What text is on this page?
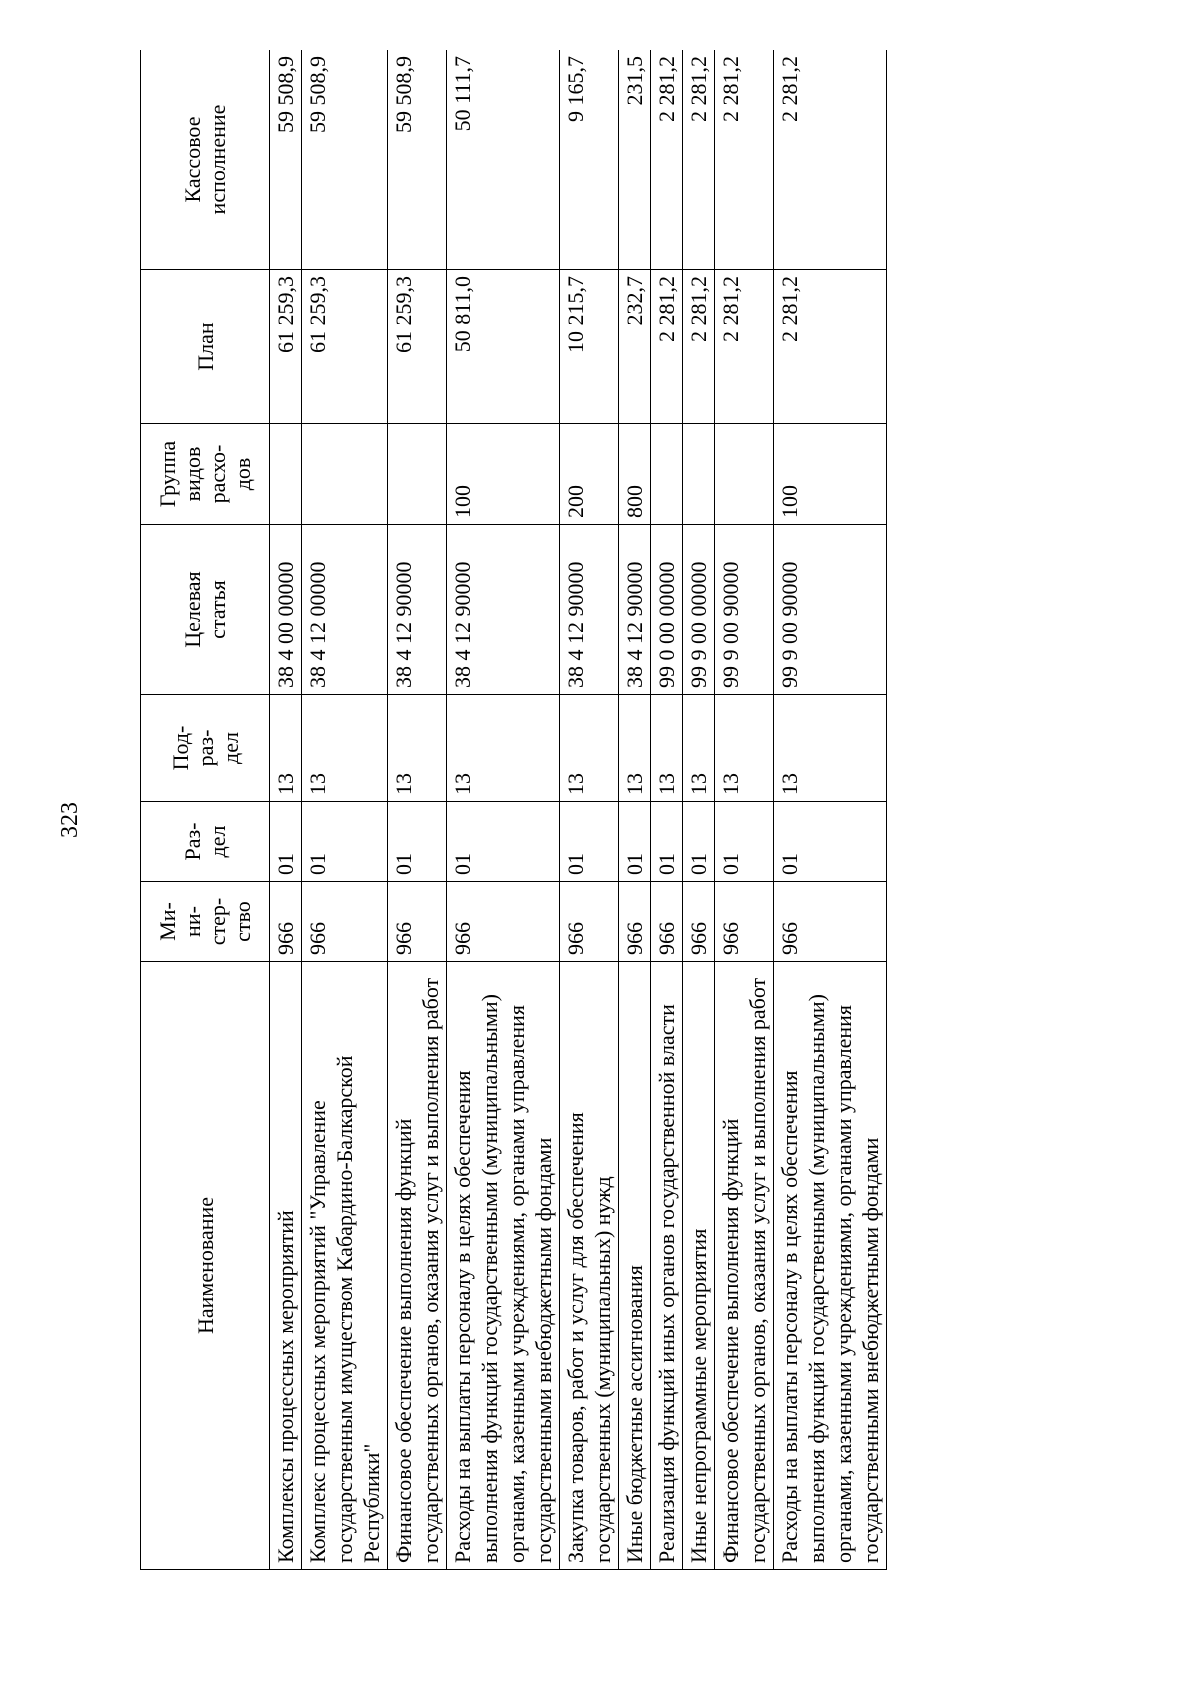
323
Наименование	Ми-
ни-
стер-
ство	Раз-
дел	Под-
раз-
дел	Целевая
статья	Группа
видов
расхо-
дов	План	Кассовое
исполнение
Комплексы процессных мероприятий	966	01	13	38 4 00 00000		61 259,3	59 508,9
Комплекс процессных мероприятий "Управление государственным имуществом Кабардино-Балкарской Республики"	966	01	13	38 4 12 00000		61 259,3	59 508,9
Финансовое обеспечение выполнения функций государственных органов, оказания услуг и выполнения работ	966	01	13	38 4 12 90000		61 259,3	59 508,9
Расходы на выплаты персоналу в целях обеспечения выполнения функций государственными (муниципальными) органами, казенными учреждениями, органами управления государственными внебюджетными фондами	966	01	13	38 4 12 90000	100	50 811,0	50 111,7
Закупка товаров, работ и услуг для обеспечения государственных (муниципальных) нужд	966	01	13	38 4 12 90000	200	10 215,7	9 165,7
Иные бюджетные ассигнования	966	01	13	38 4 12 90000	800	232,7	231,5
Реализация функций иных органов государственной власти	966	01	13	99 0 00 00000		2 281,2	2 281,2
Иные непрограммные мероприятия	966	01	13	99 9 00 00000		2 281,2	2 281,2
Финансовое обеспечение выполнения функций государственных органов, оказания услуг и выполнения работ	966	01	13	99 9 00 90000		2 281,2	2 281,2
Расходы на выплаты персоналу в целях обеспечения выполнения функций государственными (муниципальными) органами, казенными учреждениями, органами управления государственными внебюджетными фондами	966	01	13	99 9 00 90000	100	2 281,2	2 281,2
